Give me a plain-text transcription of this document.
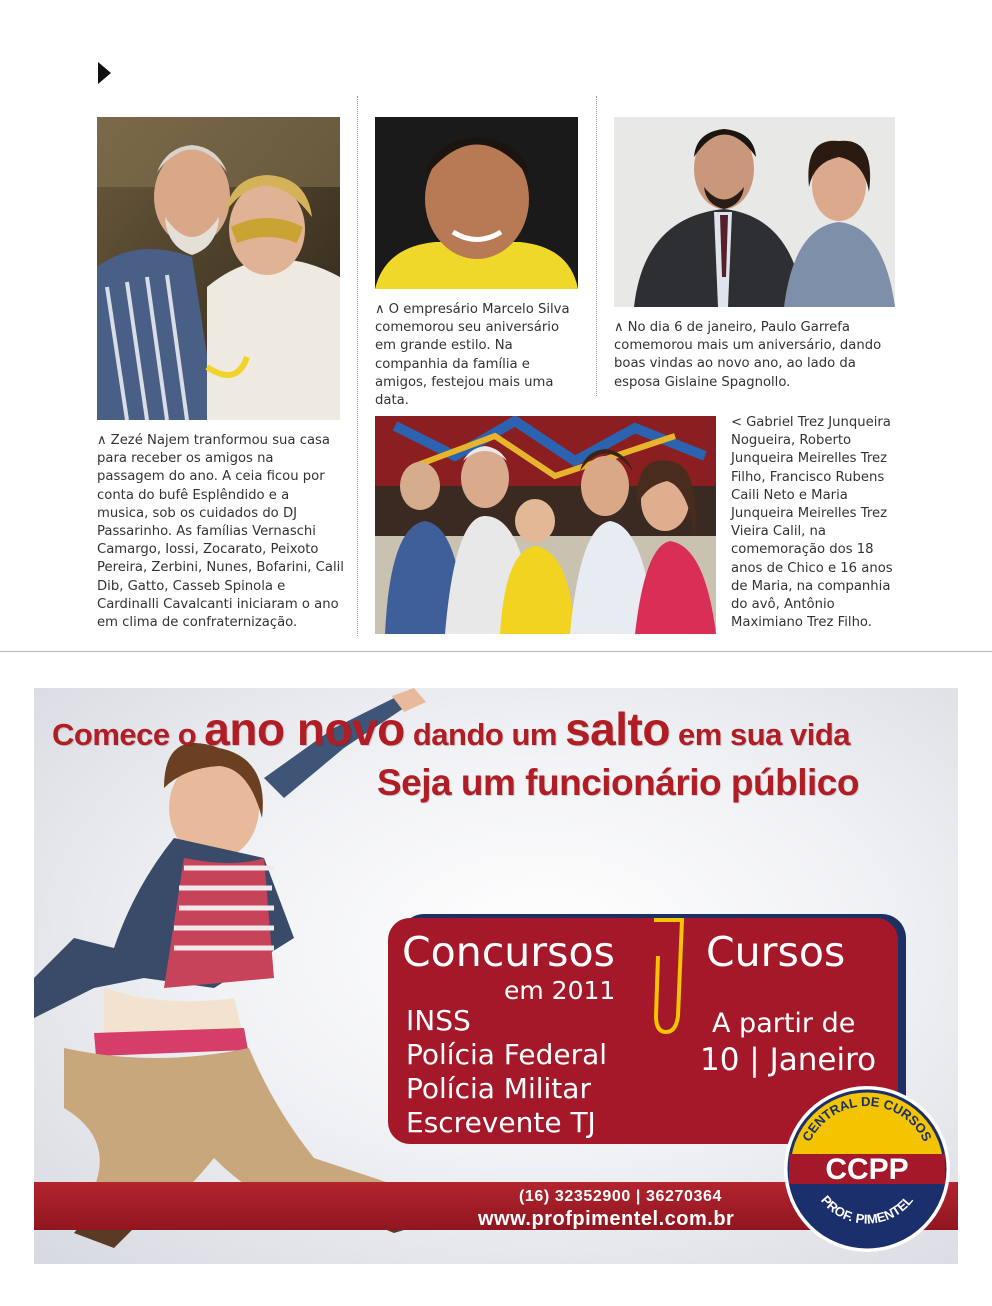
∧ Zezé Najem tranformou sua casa para receber os amigos na passagem do ano. A ceia ficou por conta do bufê Esplêndido e a musica, sob os cuidados do DJ Passarinho. As famílias Vernaschi Camargo, Iossi, Zocarato, Peixoto Pereira, Zerbini, Nunes, Bofarini, Calil Dib, Gatto, Casseb Spinola e Cardinalli Cavalcanti iniciaram o ano em clima de confraternização.
∧ O empresário Marcelo Silva comemorou seu aniversário em grande estilo. Na companhia da família e amigos, festejou mais uma data.
∧ No dia 6 de janeiro, Paulo Garrefa comemorou mais um aniversário, dando boas vindas ao novo ano, ao lado da esposa Gislaine Spagnollo.
< Gabriel Trez Junqueira Nogueira, Roberto Junqueira Meirelles Trez Filho, Francisco Rubens Caili Neto e Maria Junqueira Meirelles Trez Vieira Calil, na comemoração dos 18 anos de Chico e 16 anos de Maria, na companhia do avô, Antônio Maximiano Trez Filho.
Comece o ano novo dando um salto em sua vida
Seja um funcionário público
Concursos
em 2011
INSS
Polícia Federal
Polícia Militar
Escrevente TJ
Cursos
A partir de
10 | Janeiro
(16) 32352900 | 36270364
www.profpimentel.com.br
CENTRAL DE CURSOS
CCPP
PROF. PIMENTEL
